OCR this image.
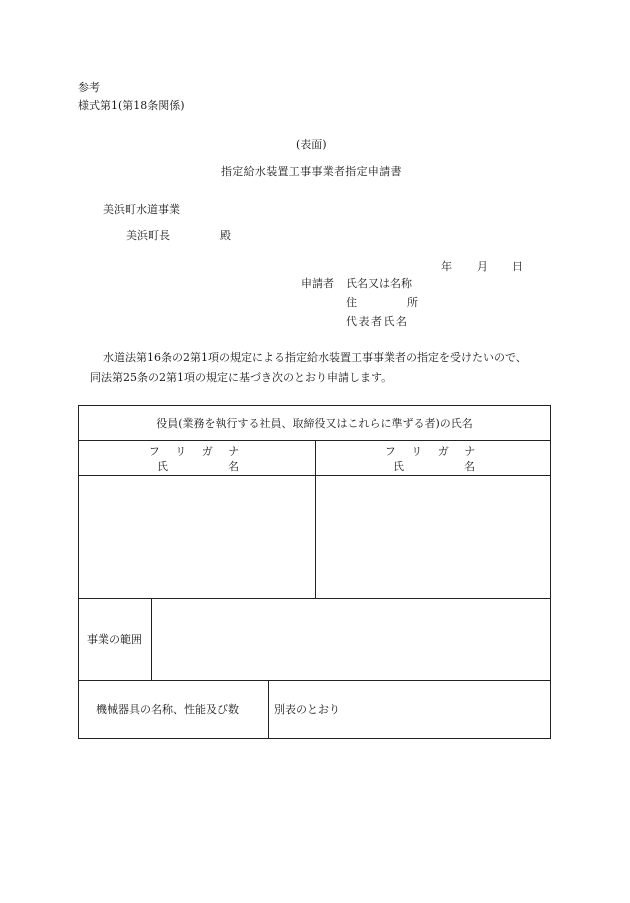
参考
様式第1(第18条関係)
(表面)
指定給水装置工事事業者指定申請書
美浜町水道事業
美浜町長	殿
年 月 日
申請者 氏名又は名称
住	所
代表者氏名
水道法第16条の2第1項の規定による指定給水装置工事事業者の指定を受けたいので、
同法第25条の2第1項の規定に基づき次のとおり申請します。
役員(業務を執行する社員、取締役又はこれらに準ずる者)の氏名
フ リ ガ ナ
氏	名
フ リ ガ ナ
氏	名
事業の範囲
機械器具の名称、性能及び数	別表のとおり
